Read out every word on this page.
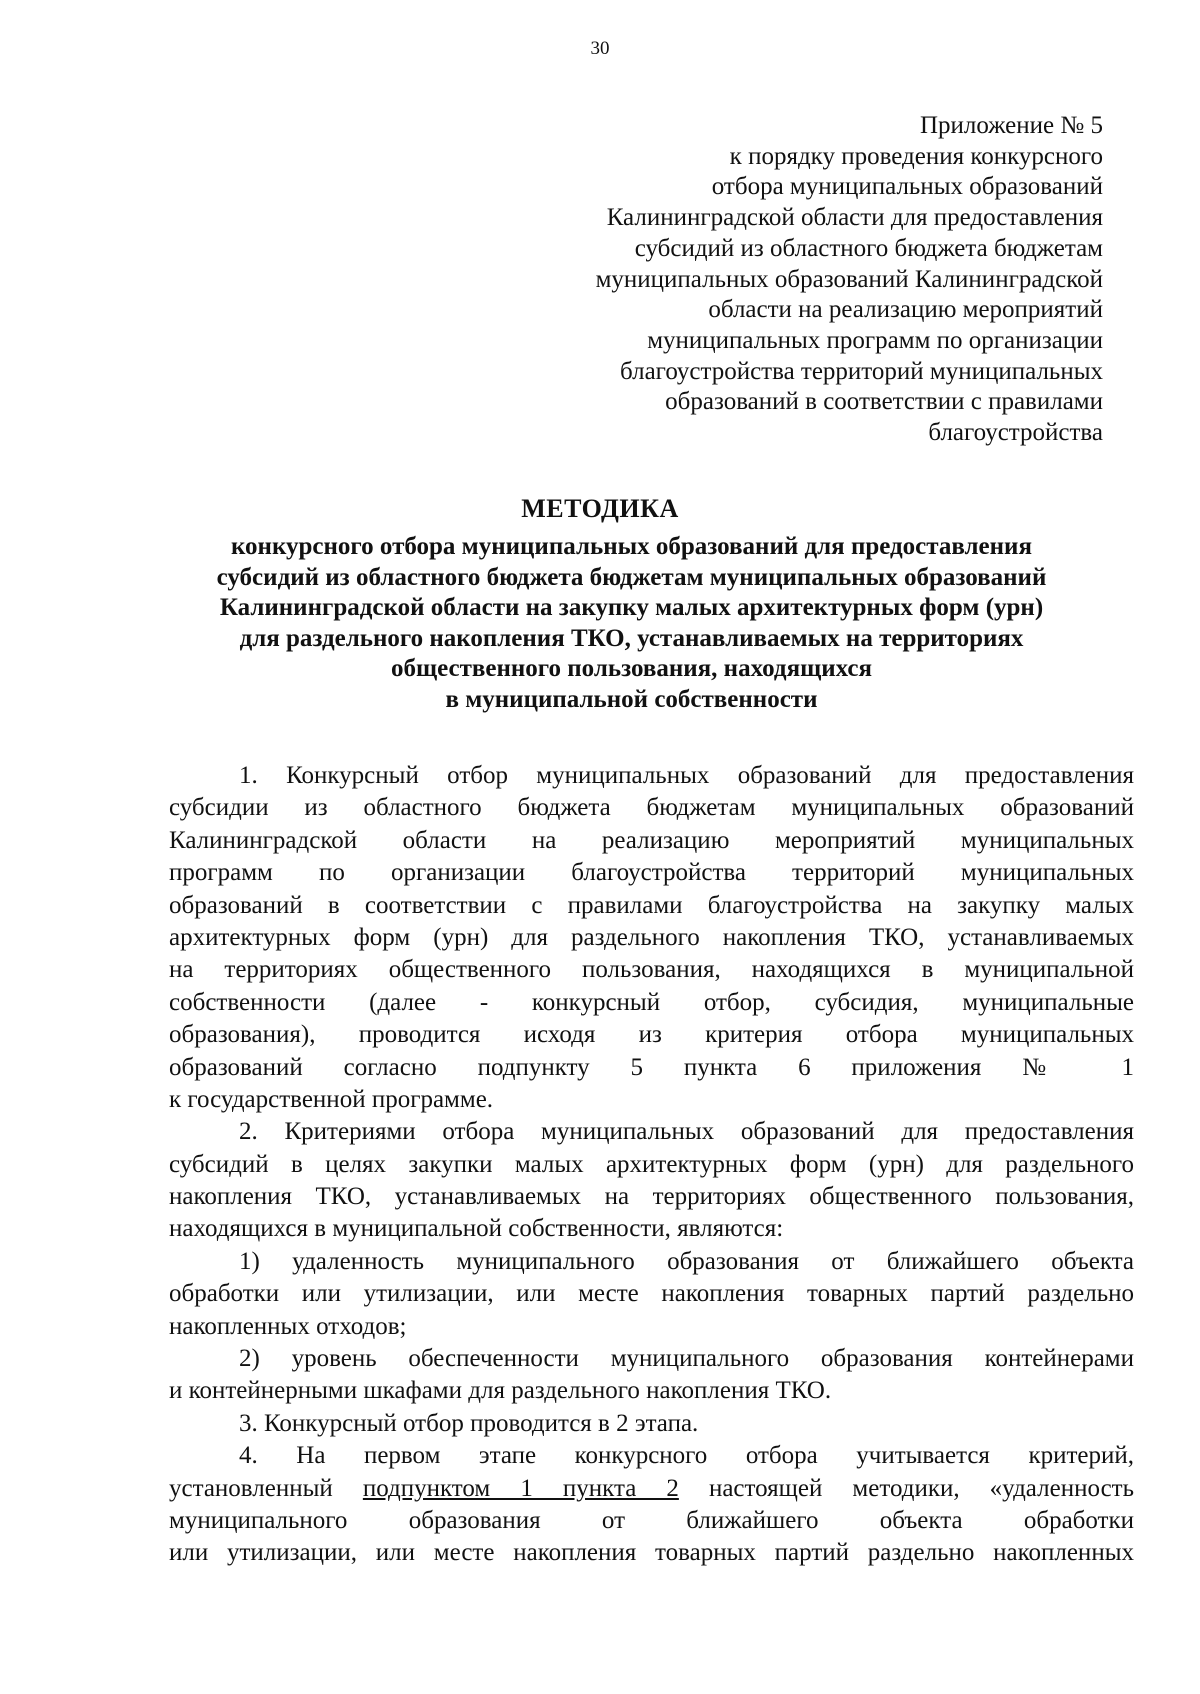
30
Приложение № 5
к порядку проведения конкурсного
отбора муниципальных образований
Калининградской области для предоставления
субсидий из областного бюджета бюджетам
муниципальных образований Калининградской
области на реализацию мероприятий
муниципальных программ по организации
благоустройства территорий муниципальных
образований в соответствии с правилами
благоустройства
МЕТОДИКА
конкурсного отбора муниципальных образований для предоставления
субсидий из областного бюджета бюджетам муниципальных образований
Калининградской области на закупку малых архитектурных форм (урн)
для раздельного накопления ТКО, устанавливаемых на территориях
общественного пользования, находящихся
в муниципальной собственности
1. Конкурсный отбор муниципальных образований для предоставления
субсидии из областного бюджета бюджетам муниципальных образований
Калининградской области на реализацию мероприятий муниципальных
программ по организации благоустройства территорий муниципальных
образований в соответствии с правилами благоустройства на закупку малых
архитектурных форм (урн) для раздельного накопления ТКО, устанавливаемых
на территориях общественного пользования, находящихся в муниципальной
собственности (далее - конкурсный отбор, субсидия, муниципальные
образования), проводится исходя из критерия отбора муниципальных
образований согласно подпункту 5 пункта 6 приложения № 1
к государственной программе.
2. Критериями отбора муниципальных образований для предоставления
субсидий в целях закупки малых архитектурных форм (урн) для раздельного
накопления ТКО, устанавливаемых на территориях общественного пользования,
находящихся в муниципальной собственности, являются:
1) удаленность муниципального образования от ближайшего объекта
обработки или утилизации, или месте накопления товарных партий раздельно
накопленных отходов;
2) уровень обеспеченности муниципального образования контейнерами
и контейнерными шкафами для раздельного накопления ТКО.
3. Конкурсный отбор проводится в 2 этапа.
4. На первом этапе конкурсного отбора учитывается критерий,
установленный подпунктом 1 пункта 2 настоящей методики, «удаленность
муниципального образования от ближайшего объекта обработки
или утилизации, или месте накопления товарных партий раздельно накопленных
